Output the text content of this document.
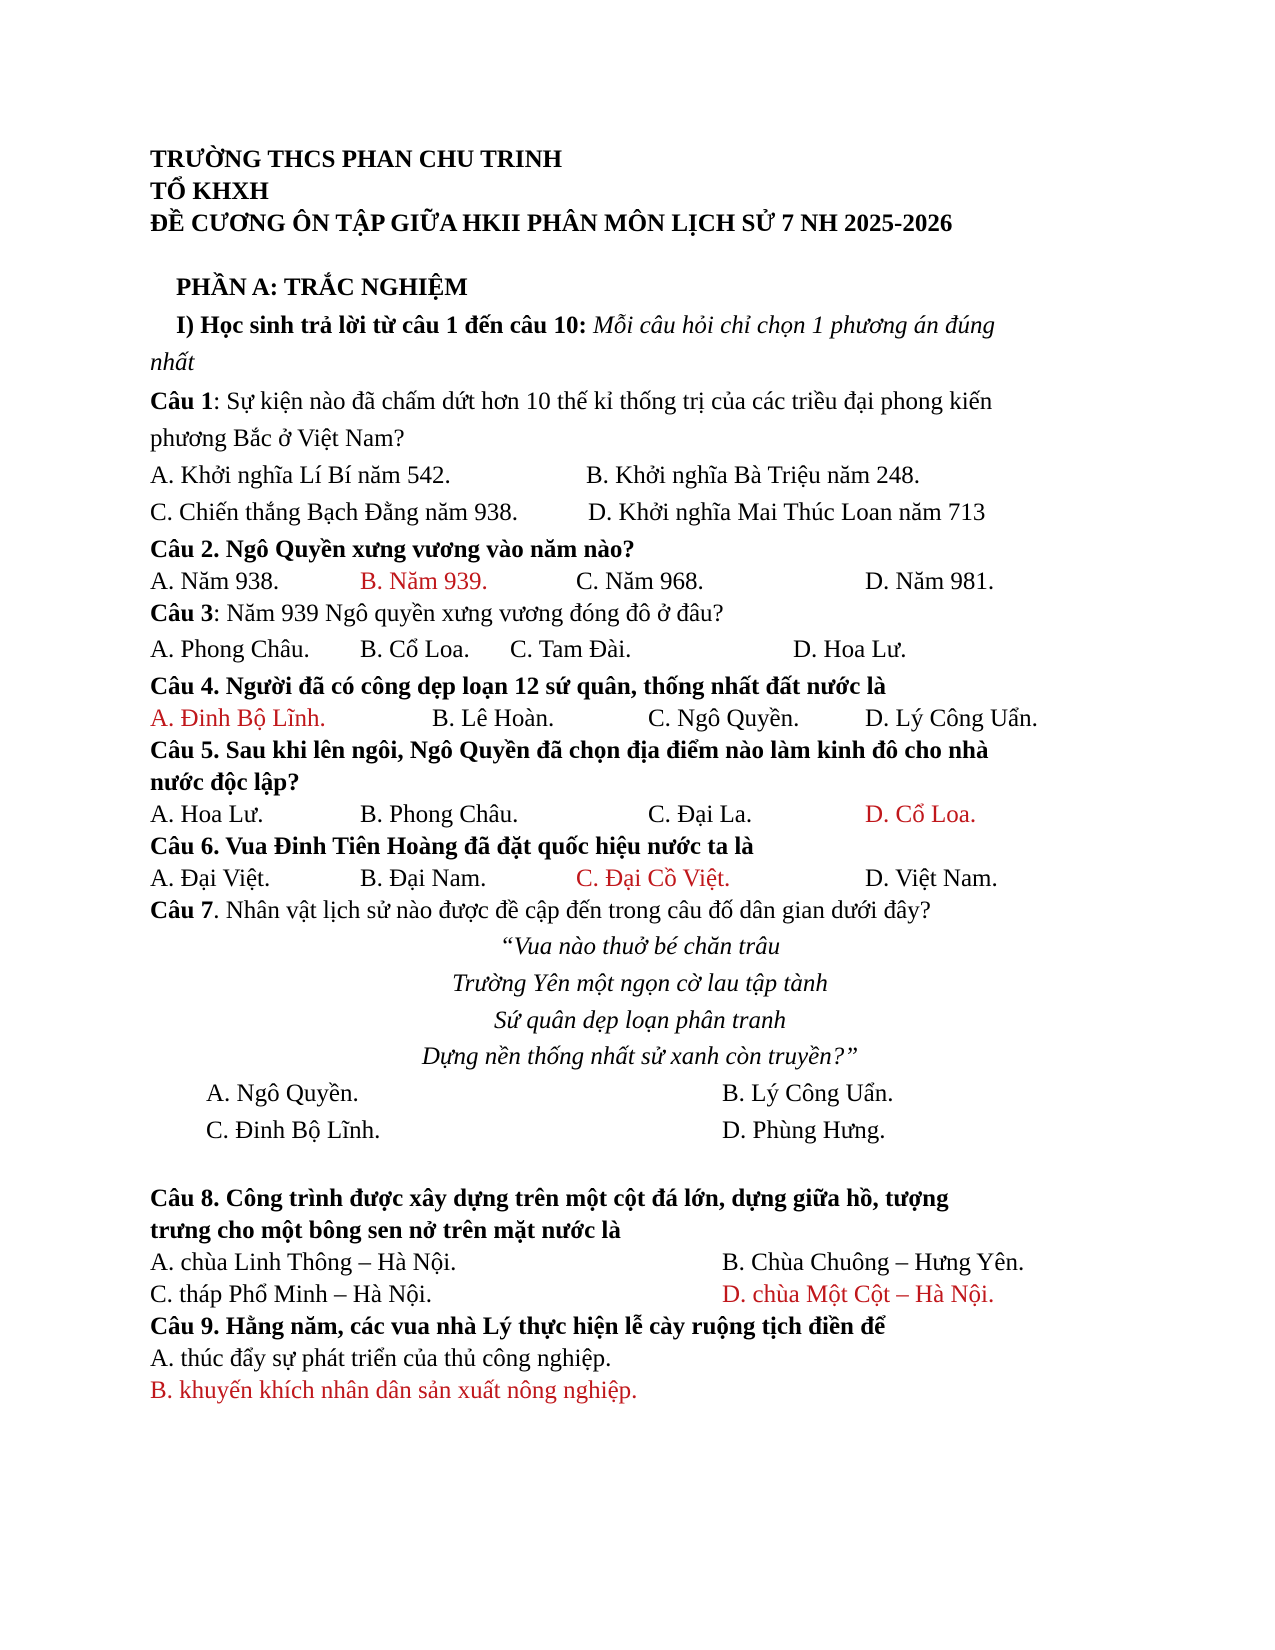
TRƯỜNG THCS PHAN CHU TRINH
TỔ KHXH
ĐỀ CƯƠNG ÔN TẬP GIỮA HKII PHÂN MÔN LỊCH SỬ 7 NH 2025-2026
PHẦN A: TRẮC NGHIỆM
I) Học sinh trả lời từ câu 1 đến câu 10: Mỗi câu hỏi chỉ chọn 1 phương án đúng
nhất
Câu 1: Sự kiện nào đã chấm dứt hơn 10 thế kỉ thống trị của các triều đại phong kiến
phương Bắc ở Việt Nam?
A. Khởi nghĩa Lí Bí năm 542.	B. Khởi nghĩa Bà Triệu năm 248.
C. Chiến thắng Bạch Đằng năm 938.	D. Khởi nghĩa Mai Thúc Loan năm 713
Câu 2. Ngô Quyền xưng vương vào năm nào?
A. Năm 938.	B. Năm 939.	C. Năm 968.	D. Năm 981.
Câu 3: Năm 939 Ngô quyền xưng vương đóng đô ở đâu?
A. Phong Châu. B. Cổ Loa. C. Tam Đài.	D. Hoa Lư.
Câu 4. Người đã có công dẹp loạn 12 sứ quân, thống nhất đất nước là
A. Đinh Bộ Lĩnh.	B. Lê Hoàn.	C. Ngô Quyền.	D. Lý Công Uẩn.
Câu 5. Sau khi lên ngôi, Ngô Quyền đã chọn địa điểm nào làm kinh đô cho nhà
nước độc lập?
A. Hoa Lư.	B. Phong Châu.	C. Đại La.	D. Cổ Loa.
Câu 6. Vua Đinh Tiên Hoàng đã đặt quốc hiệu nước ta là
A. Đại Việt.	B. Đại Nam.	C. Đại Cồ Việt.	D. Việt Nam.
Câu 7. Nhân vật lịch sử nào được đề cập đến trong câu đố dân gian dưới đây?
“Vua nào thuở bé chăn trâu
Trường Yên một ngọn cờ lau tập tành
Sứ quân dẹp loạn phân tranh
Dựng nền thống nhất sử xanh còn truyền?”
A. Ngô Quyền.	B. Lý Công Uẩn.
C. Đinh Bộ Lĩnh.	D. Phùng Hưng.
Câu 8. Công trình được xây dựng trên một cột đá lớn, dựng giữa hồ, tượng
trưng cho một bông sen nở trên mặt nước là
A. chùa Linh Thông – Hà Nội.	B. Chùa Chuông – Hưng Yên.
C. tháp Phổ Minh – Hà Nội.	D. chùa Một Cột – Hà Nội.
Câu 9. Hằng năm, các vua nhà Lý thực hiện lễ cày ruộng tịch điền để
A. thúc đẩy sự phát triển của thủ công nghiệp.
B. khuyến khích nhân dân sản xuất nông nghiệp.
